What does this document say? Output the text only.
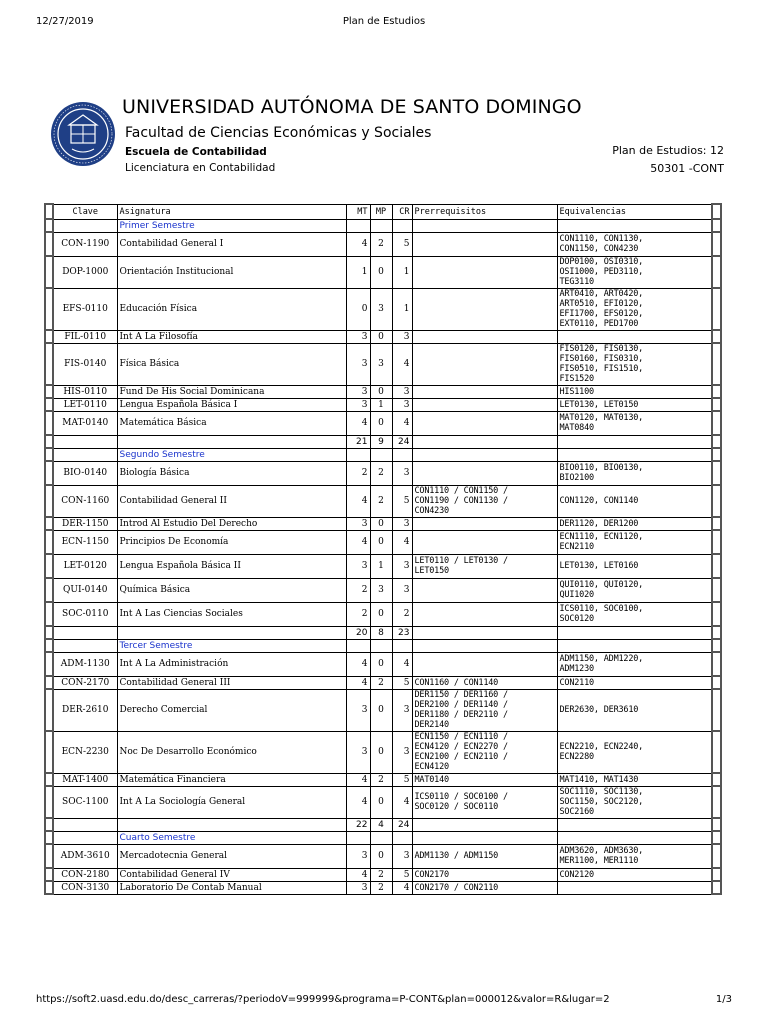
12/27/2019	Plan de Estudios
UNIVERSIDAD AUTÓNOMA DE SANTO DOMINGO
Facultad de Ciencias Económicas y Sociales
Escuela de Contabilidad
Licenciatura en Contabilidad
Plan de Estudios: 12
50301 -CONT
	Clave	Asignatura	MT	MP	CR	Prerrequisitos	Equivalencias	
		Primer Semestre						
	CON-1190	Contabilidad General I	4	2	5		CON1110, CON1130,
CON1150, CON4230	
	DOP-1000	Orientación Institucional	1	0	1		DOP0100, OSI0310,
OSI1000, PED3110,
TEG3110	
	EFS-0110	Educación Física	0	3	1		ART0410, ART0420,
ART0510, EFI0120,
EFI1700, EFS0120,
EXT0110, PED1700	
	FIL-0110	Int A La Filosofía	3	0	3			
	FIS-0140	Física Básica	3	3	4		FIS0120, FIS0130,
FIS0160, FIS0310,
FIS0510, FIS1510,
FIS1520	
	HIS-0110	Fund De His Social Dominicana	3	0	3		HIS1100	
	LET-0110	Lengua Española Básica I	3	1	3		LET0130, LET0150	
	MAT-0140	Matemática Básica	4	0	4		MAT0120, MAT0130,
MAT0840	
			21	9	24			
		Segundo Semestre						
	BIO-0140	Biología Básica	2	2	3		BIO0110, BIO0130,
BIO2100	
	CON-1160	Contabilidad General II	4	2	5	CON1110 / CON1150 /
CON1190 / CON1130 /
CON4230	CON1120, CON1140	
	DER-1150	Introd Al Estudio Del Derecho	3	0	3		DER1120, DER1200	
	ECN-1150	Principios De Economía	4	0	4		ECN1110, ECN1120,
ECN2110	
	LET-0120	Lengua Española Básica II	3	1	3	LET0110 / LET0130 /
LET0150	LET0130, LET0160	
	QUI-0140	Química Básica	2	3	3		QUI0110, QUI0120,
QUI1020	
	SOC-0110	Int A Las Ciencias Sociales	2	0	2		ICS0110, SOC0100,
SOC0120	
			20	8	23			
		Tercer Semestre						
	ADM-1130	Int A La Administración	4	0	4		ADM1150, ADM1220,
ADM1230	
	CON-2170	Contabilidad General III	4	2	5	CON1160 / CON1140	CON2110	
	DER-2610	Derecho Comercial	3	0	3	DER1150 / DER1160 /
DER2100 / DER1140 /
DER1180 / DER2110 /
DER2140	DER2630, DER3610	
	ECN-2230	Noc De Desarrollo Económico	3	0	3	ECN1150 / ECN1110 /
ECN4120 / ECN2270 /
ECN2100 / ECN2110 /
ECN4120	ECN2210, ECN2240,
ECN2280	
	MAT-1400	Matemática Financiera	4	2	5	MAT0140	MAT1410, MAT1430	
	SOC-1100	Int A La Sociología General	4	0	4	ICS0110 / SOC0100 /
SOC0120 / SOC0110	SOC1110, SOC1130,
SOC1150, SOC2120,
SOC2160	
			22	4	24			
		Cuarto Semestre						
	ADM-3610	Mercadotecnia General	3	0	3	ADM1130 / ADM1150	ADM3620, ADM3630,
MER1100, MER1110	
	CON-2180	Contabilidad General IV	4	2	5	CON2170	CON2120	
	CON-3130	Laboratorio De Contab Manual	3	2	4	CON2170 / CON2110		
https://soft2.uasd.edu.do/desc_carreras/?periodoV=999999&programa=P-CONT&plan=000012&valor=R&lugar=2	1/3
